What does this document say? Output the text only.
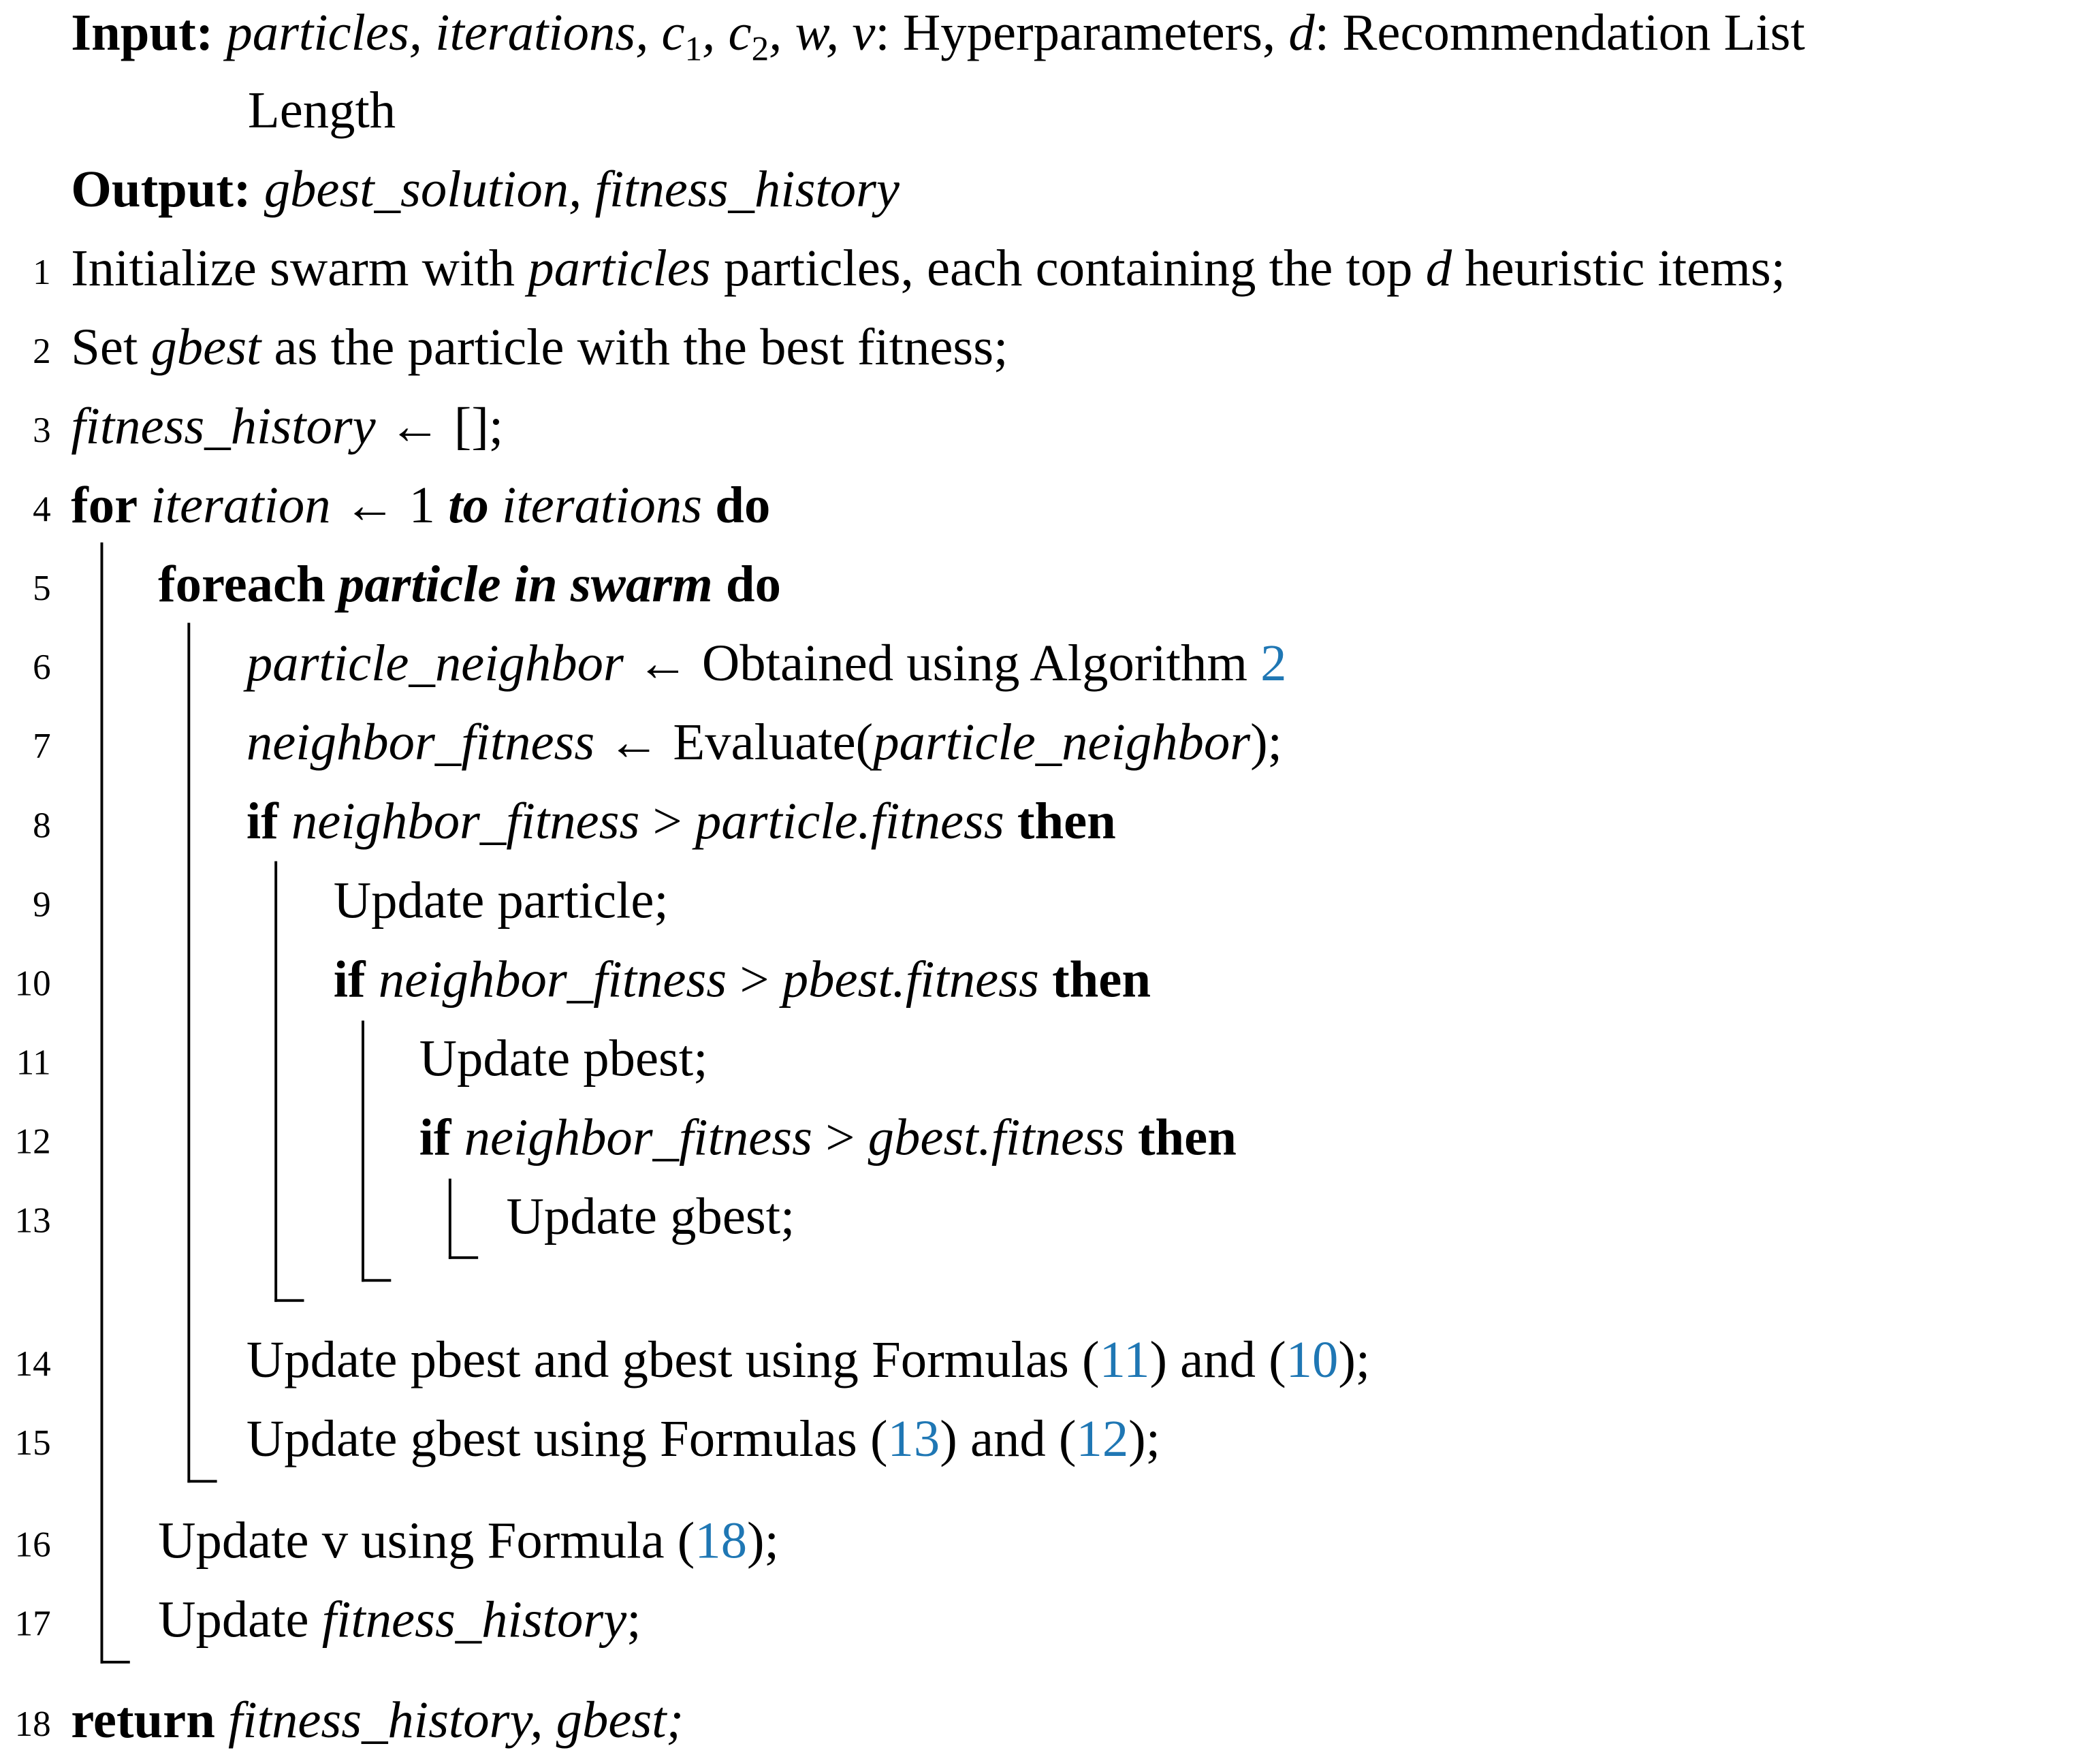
Input: particles, iterations, $c_1$, $c_2$, w, v: Hyperparameters, d: Recommendation List
Length
Output: gbest_solution, fitness_history
1 Initialize swarm with particles particles, each containing the top d heuristic items;
2 Set gbest as the particle with the best fitness;
3 fitness_history ← [];
4 for iteration ← 1 to iterations do
5	foreach particle in swarm do
6	particle_neighbor ← Obtained using Algorithm 2
7	neighbor_fitness ← Evaluate(particle_neighbor);
8	if neighbor_fitness > particle.fitness then
9	Update particle;
10	if neighbor_fitness > pbest.fitness then
11	Update pbest;
12	if neighbor_fitness > gbest.fitness then
13	Update gbest;
14	Update pbest and gbest using Formulas (11) and (10);
15	Update gbest using Formulas (13) and (12);
16	Update v using Formula (18);
17	Update fitness_history;
18 return fitness_history, gbest;
